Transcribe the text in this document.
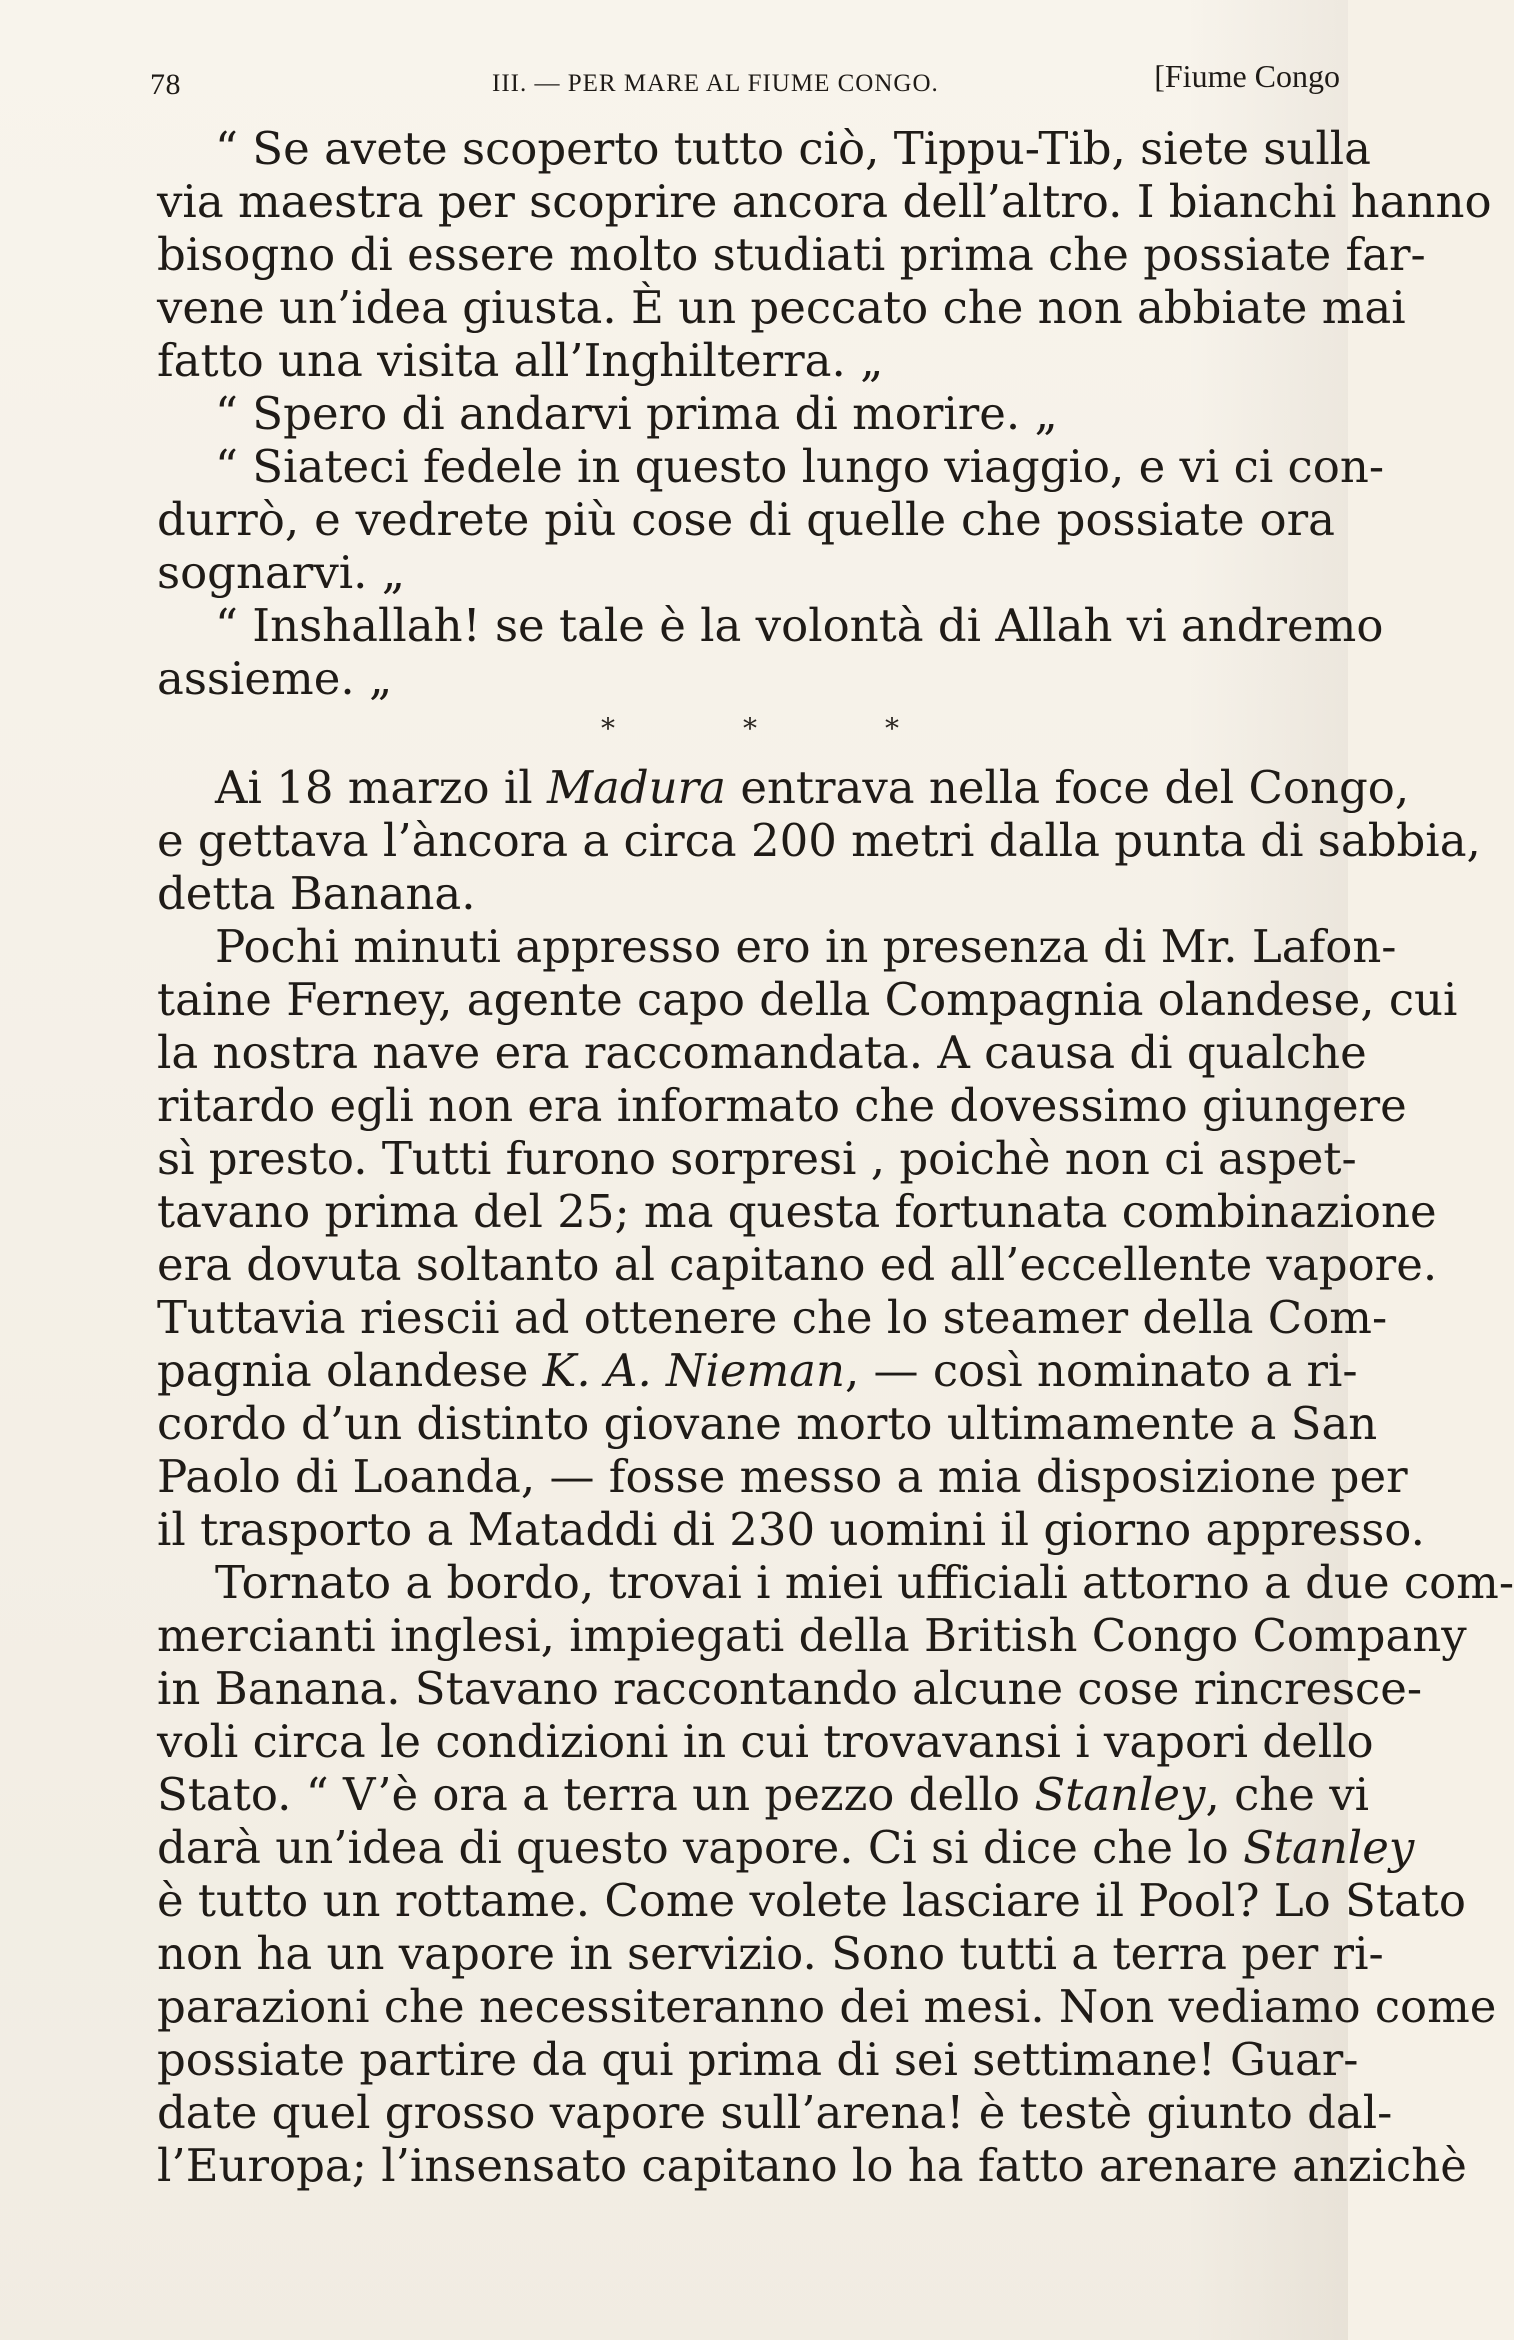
78	III. — PER MARE AL FIUME CONGO.	[Fiume Congo
“ Se avete scoperto tutto ciò, Tippu-Tib, siete sulla
via maestra per scoprire ancora dell’altro. I bianchi hanno
bisogno di essere molto studiati prima che possiate far-
vene un’idea giusta. È un peccato che non abbiate mai
fatto una visita all’Inghilterra. „
“ Spero di andarvi prima di morire. „
“ Siateci fedele in questo lungo viaggio, e vi ci con-
durrò, e vedrete più cose di quelle che possiate ora
sognarvi. „
“ Inshallah! se tale è la volontà di Allah vi andremo
assieme. „
*	*	*
Ai 18 marzo il Madura entrava nella foce del Congo,
e gettava l’àncora a circa 200 metri dalla punta di sabbia,
detta Banana.
Pochi minuti appresso ero in presenza di Mr. Lafon-
taine Ferney, agente capo della Compagnia olandese, cui
la nostra nave era raccomandata. A causa di qualche
ritardo egli non era informato che dovessimo giungere
sì presto. Tutti furono sorpresi , poichè non ci aspet-
tavano prima del 25; ma questa fortunata combinazione
era dovuta soltanto al capitano ed all’eccellente vapore.
Tuttavia riescii ad ottenere che lo steamer della Com-
pagnia olandese K. A. Nieman, — così nominato a ri-
cordo d’un distinto giovane morto ultimamente a San
Paolo di Loanda, — fosse messo a mia disposizione per
il trasporto a Mataddi di 230 uomini il giorno appresso.
Tornato a bordo, trovai i miei ufficiali attorno a due com-
mercianti inglesi, impiegati della British Congo Company
in Banana. Stavano raccontando alcune cose rincresce-
voli circa le condizioni in cui trovavansi i vapori dello
Stato. “ V’è ora a terra un pezzo dello Stanley, che vi
darà un’idea di questo vapore. Ci si dice che lo Stanley
è tutto un rottame. Come volete lasciare il Pool? Lo Stato
non ha un vapore in servizio. Sono tutti a terra per ri-
parazioni che necessiteranno dei mesi. Non vediamo come
possiate partire da qui prima di sei settimane! Guar-
date quel grosso vapore sull’arena! è testè giunto dal-
l’Europa; l’insensato capitano lo ha fatto arenare anzichè
